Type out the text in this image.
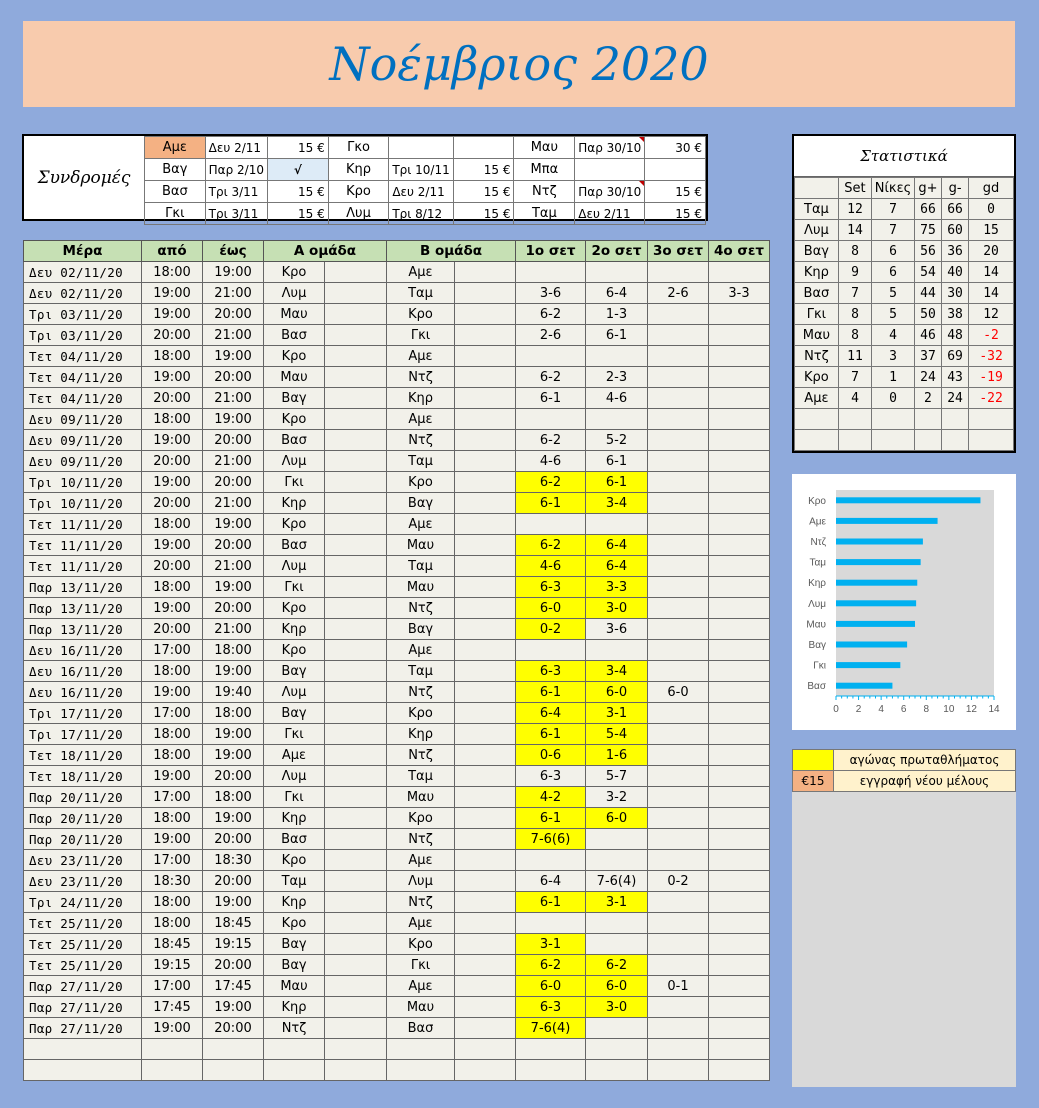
Νοέμβριος 2020
Συνδρομές
Αμε	Δευ 2/11	15 €	Γκο			Μαυ	Παρ 30/10	30 €
Βαγ	Παρ 2/10	√	Κηρ	Τρι 10/11	15 €	Μπα		
Βασ	Τρι 3/11	15 €	Κρο	Δευ 2/11	15 €	Ντζ	Παρ 30/10	15 €
Γκι	Τρι 3/11	15 €	Λυμ	Τρι 8/12	15 €	Ταμ	Δευ 2/11	15 €
Μέρα	από	έως	Α ομάδα		Β ομάδα		1ο σετ	2ο σετ	3ο σετ	4ο σετ
Δευ 02/11/20	18:00	19:00	Κρο		Αμε					
Δευ 02/11/20	19:00	21:00	Λυμ		Ταμ		3-6	6-4	2-6	3-3
Τρι 03/11/20	19:00	20:00	Μαυ		Κρο		6-2	1-3		
Τρι 03/11/20	20:00	21:00	Βασ		Γκι		2-6	6-1		
Τετ 04/11/20	18:00	19:00	Κρο		Αμε					
Τετ 04/11/20	19:00	20:00	Μαυ		Ντζ		6-2	2-3		
Τετ 04/11/20	20:00	21:00	Βαγ		Κηρ		6-1	4-6		
Δευ 09/11/20	18:00	19:00	Κρο		Αμε					
Δευ 09/11/20	19:00	20:00	Βασ		Ντζ		6-2	5-2		
Δευ 09/11/20	20:00	21:00	Λυμ		Ταμ		4-6	6-1		
Τρι 10/11/20	19:00	20:00	Γκι		Κρο		6-2	6-1		
Τρι 10/11/20	20:00	21:00	Κηρ		Βαγ		6-1	3-4		
Τετ 11/11/20	18:00	19:00	Κρο		Αμε					
Τετ 11/11/20	19:00	20:00	Βασ		Μαυ		6-2	6-4		
Τετ 11/11/20	20:00	21:00	Λυμ		Ταμ		4-6	6-4		
Παρ 13/11/20	18:00	19:00	Γκι		Μαυ		6-3	3-3		
Παρ 13/11/20	19:00	20:00	Κρο		Ντζ		6-0	3-0		
Παρ 13/11/20	20:00	21:00	Κηρ		Βαγ		0-2	3-6		
Δευ 16/11/20	17:00	18:00	Κρο		Αμε					
Δευ 16/11/20	18:00	19:00	Βαγ		Ταμ		6-3	3-4		
Δευ 16/11/20	19:00	19:40	Λυμ		Ντζ		6-1	6-0	6-0	
Τρι 17/11/20	17:00	18:00	Βαγ		Κρο		6-4	3-1		
Τρι 17/11/20	18:00	19:00	Γκι		Κηρ		6-1	5-4		
Τετ 18/11/20	18:00	19:00	Αμε		Ντζ		0-6	1-6		
Τετ 18/11/20	19:00	20:00	Λυμ		Ταμ		6-3	5-7		
Παρ 20/11/20	17:00	18:00	Γκι		Μαυ		4-2	3-2		
Παρ 20/11/20	18:00	19:00	Κηρ		Κρο		6-1	6-0		
Παρ 20/11/20	19:00	20:00	Βασ		Ντζ		7-6(6)			
Δευ 23/11/20	17:00	18:30	Κρο		Αμε					
Δευ 23/11/20	18:30	20:00	Ταμ		Λυμ		6-4	7-6(4)	0-2	
Τρι 24/11/20	18:00	19:00	Κηρ		Ντζ		6-1	3-1		
Τετ 25/11/20	18:00	18:45	Κρο		Αμε					
Τετ 25/11/20	18:45	19:15	Βαγ		Κρο		3-1			
Τετ 25/11/20	19:15	20:00	Βαγ		Γκι		6-2	6-2		
Παρ 27/11/20	17:00	17:45	Μαυ		Αμε		6-0	6-0	0-1	
Παρ 27/11/20	17:45	19:00	Κηρ		Μαυ		6-3	3-0		
Παρ 27/11/20	19:00	20:00	Ντζ		Βασ		7-6(4)			

Στατιστικά
	Set	Νίκες	g+	g-	gd
Ταμ	12	7	66	66	0
Λυμ	14	7	75	60	15
Βαγ	8	6	56	36	20
Κηρ	9	6	54	40	14
Βασ	7	5	44	30	14
Γκι	8	5	50	38	12
Μαυ	8	4	46	48	-2
Ντζ	11	3	37	69	-32
Κρο	7	1	24	43	-19
Αμε	4	0	2	24	-22

Κρο
Αμε
Ντζ
Ταμ
Κηρ
Λυμ
Μαυ
Βαγ
Γκι
Βασ
0 2 4 6 8 10 12 14
	αγώνας πρωταθλήματος
€15	εγγραφή νέου μέλους
